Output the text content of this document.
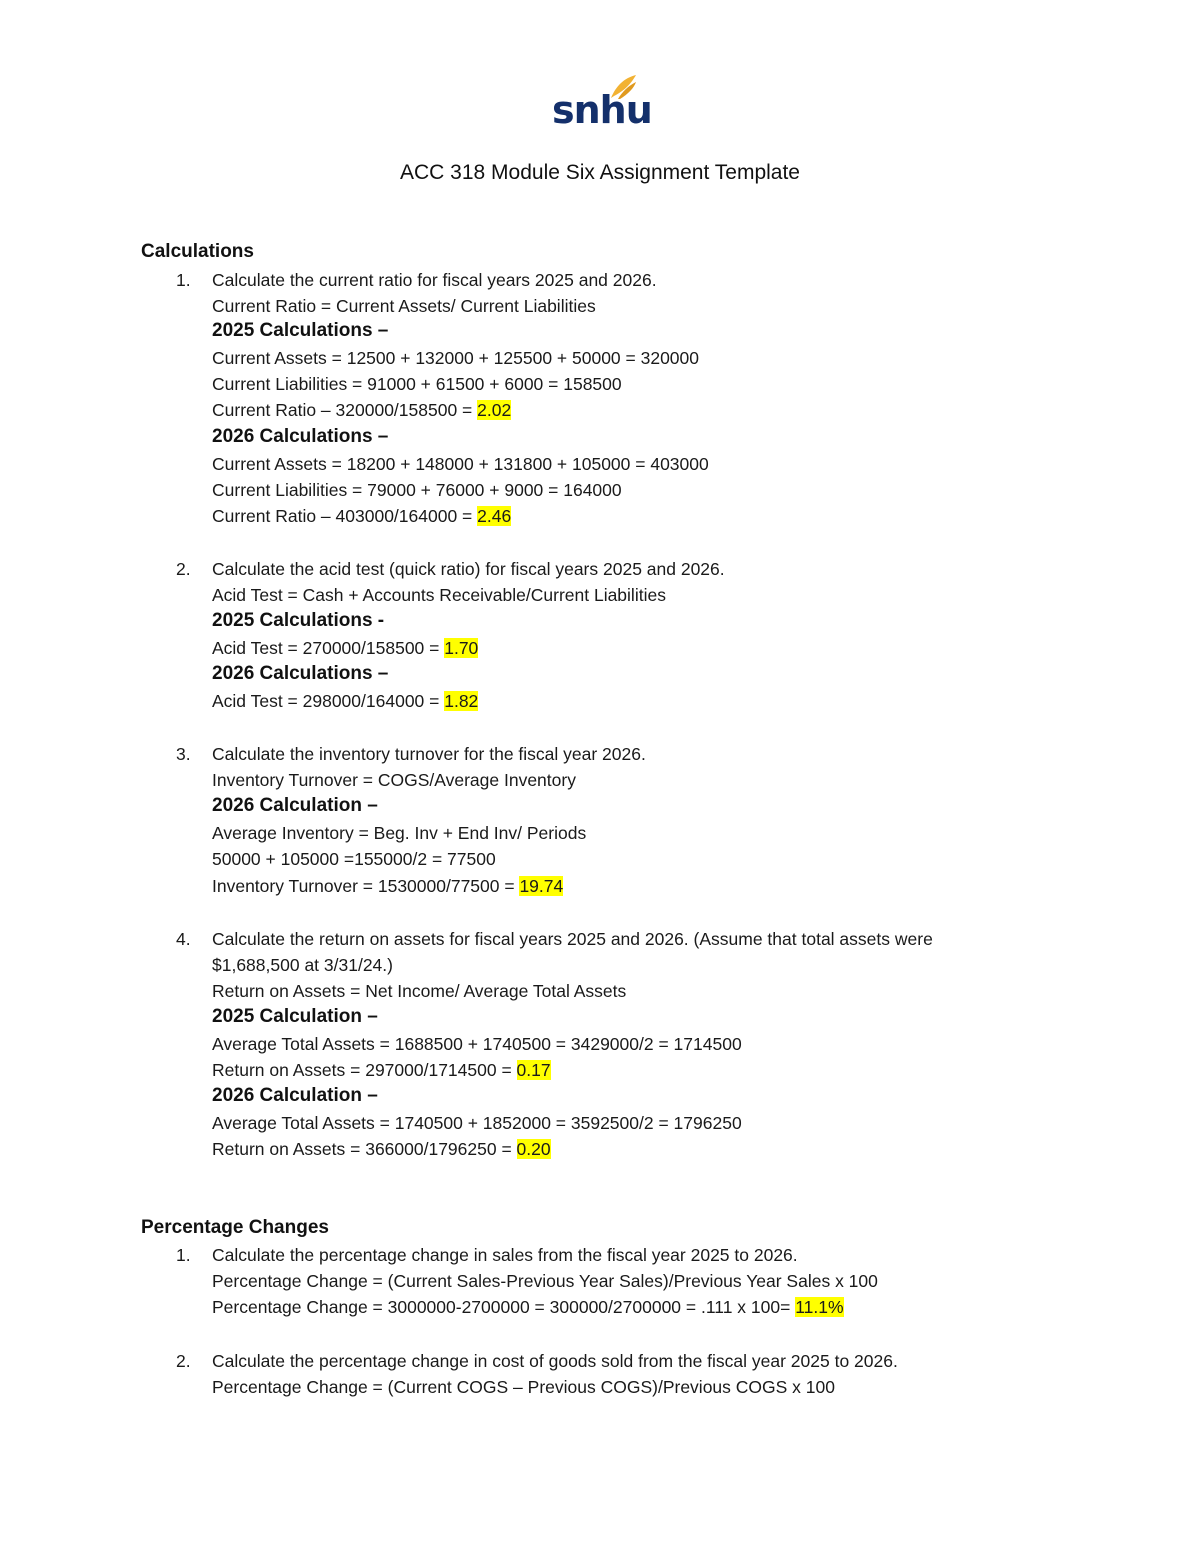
snhu
ACC 318 Module Six Assignment Template
Calculations
1. Calculate the current ratio for fiscal years 2025 and 2026.
Current Ratio = Current Assets/ Current Liabilities
2025 Calculations –
Current Assets = 12500 + 132000 + 125500 + 50000 = 320000
Current Liabilities = 91000 + 61500 + 6000 = 158500
Current Ratio – 320000/158500 = 2.02
2026 Calculations –
Current Assets = 18200 + 148000 + 131800 + 105000 = 403000
Current Liabilities = 79000 + 76000 + 9000 = 164000
Current Ratio – 403000/164000 = 2.46
2. Calculate the acid test (quick ratio) for fiscal years 2025 and 2026.
Acid Test = Cash + Accounts Receivable/Current Liabilities
2025 Calculations -
Acid Test = 270000/158500 = 1.70
2026 Calculations –
Acid Test = 298000/164000 = 1.82
3. Calculate the inventory turnover for the fiscal year 2026.
Inventory Turnover = COGS/Average Inventory
2026 Calculation –
Average Inventory = Beg. Inv + End Inv/ Periods
50000 + 105000 =155000/2 = 77500
Inventory Turnover = 1530000/77500 = 19.74
4. Calculate the return on assets for fiscal years 2025 and 2026. (Assume that total assets were
$1,688,500 at 3/31/24.)
Return on Assets = Net Income/ Average Total Assets
2025 Calculation –
Average Total Assets = 1688500 + 1740500 = 3429000/2 = 1714500
Return on Assets = 297000/1714500 = 0.17
2026 Calculation –
Average Total Assets = 1740500 + 1852000 = 3592500/2 = 1796250
Return on Assets = 366000/1796250 = 0.20
Percentage Changes
1. Calculate the percentage change in sales from the fiscal year 2025 to 2026.
Percentage Change = (Current Sales-Previous Year Sales)/Previous Year Sales x 100
Percentage Change = 3000000-2700000 = 300000/2700000 = .111 x 100= 11.1%
2. Calculate the percentage change in cost of goods sold from the fiscal year 2025 to 2026.
Percentage Change = (Current COGS – Previous COGS)/Previous COGS x 100
